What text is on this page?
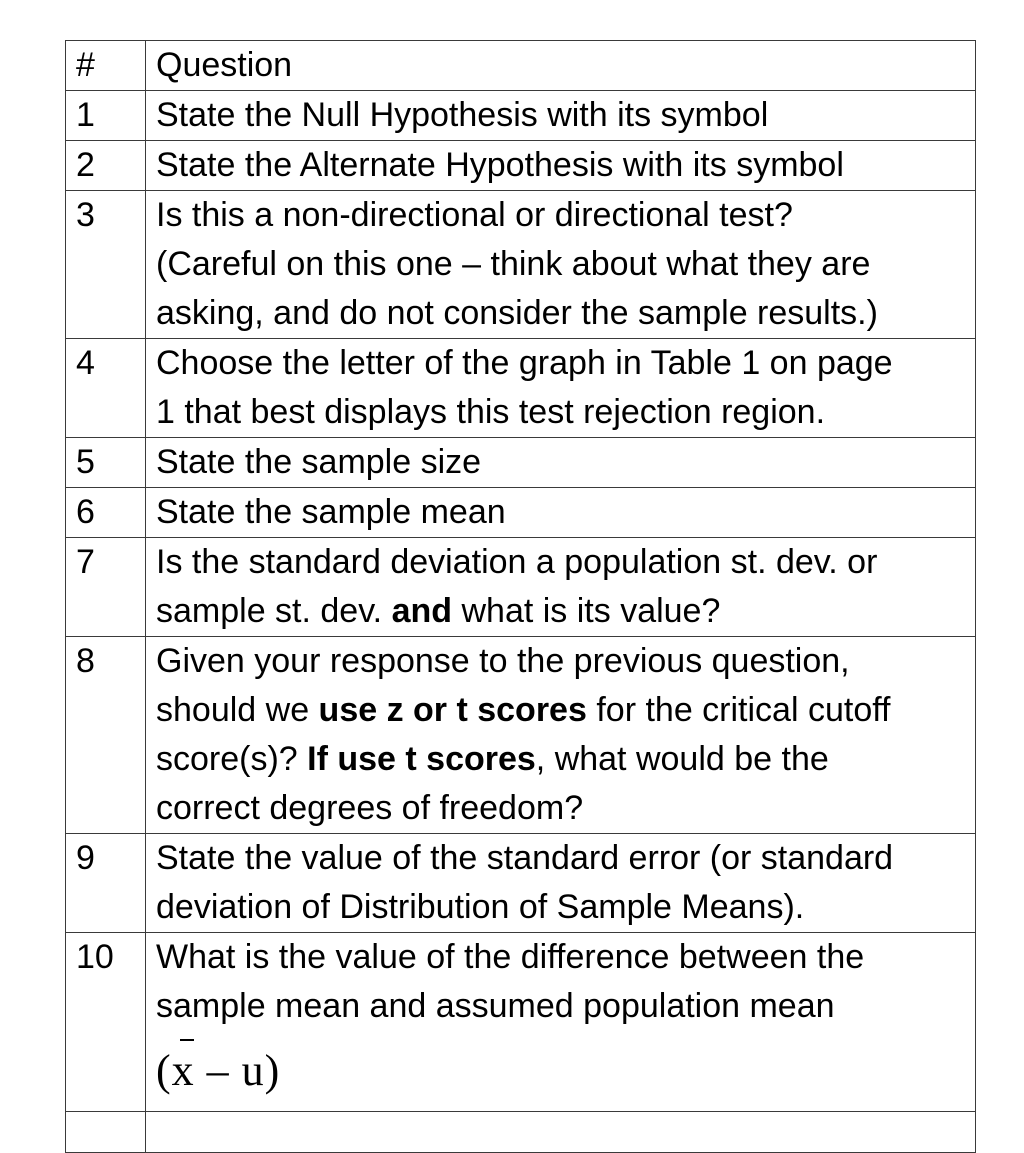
#	Question
1	State the Null Hypothesis with its symbol
2	State the Alternate Hypothesis with its symbol
3	Is this a non-directional or directional test?
(Careful on this one – think about what they are
asking, and do not consider the sample results.)

4	Choose the letter of the graph in Table 1 on page
1 that best displays this test rejection region.

5	State the sample size
6	State the sample mean
7	Is the standard deviation a population st. dev. or
sample st. dev. and what is its value?

8	Given your response to the previous question,
should we use z or t scores for the critical cutoff
score(s)? If use t scores, what would be the
correct degrees of freedom?

9	State the value of the standard error (or standard
deviation of Distribution of Sample Means).

10	What is the value of the difference between the
sample mean and assumed population mean
(x – u)
